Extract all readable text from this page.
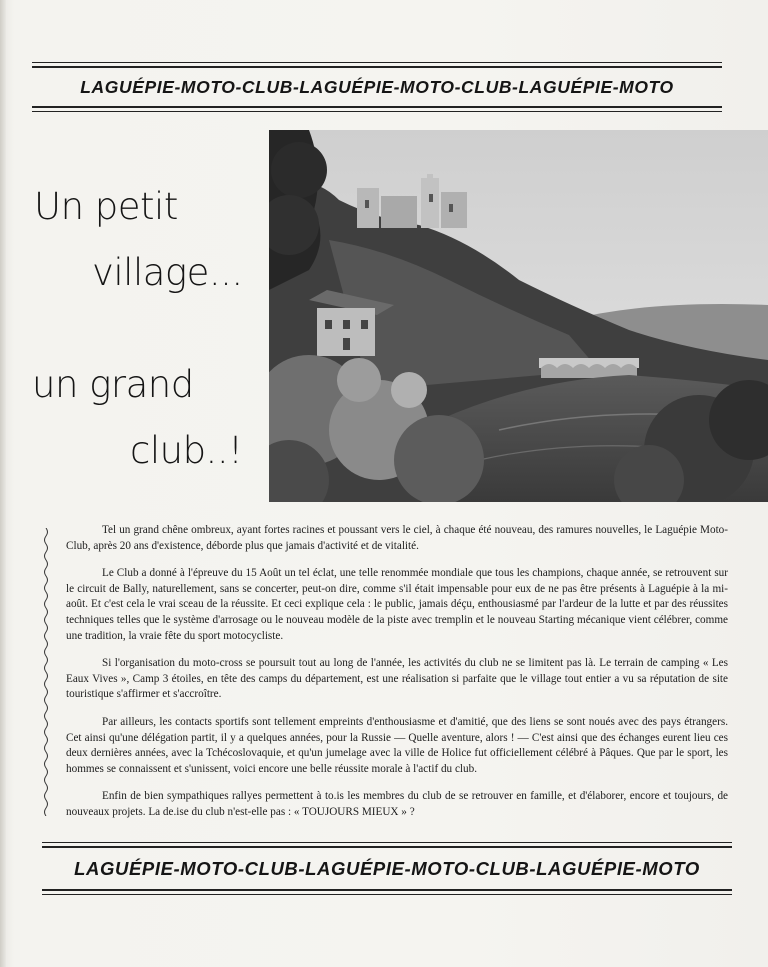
LAGUÉPIE-MOTO-CLUB-LAGUÉPIE-MOTO-CLUB-LAGUÉPIE-MOTO
Un petit
village...
un grand
club..!

Tel un grand chêne ombreux, ayant fortes racines et poussant vers le ciel, à chaque été nouveau, des ramures nouvelles, le Laguépie Moto-Club, après 20 ans d'existence, déborde plus que jamais d'activité et de vitalité.

Le Club a donné à l'épreuve du 15 Août un tel éclat, une telle renommée mondiale que tous les champions, chaque année, se retrouvent sur le circuit de Bally, naturellement, sans se concerter, peut-on dire, comme s'il était impensable pour eux de ne pas être présents à Laguépie à la mi-août. Et c'est cela le vrai sceau de la réussite. Et ceci explique cela : le public, jamais déçu, enthousiasmé par l'ardeur de la lutte et par des réussites techniques telles que le système d'arrosage ou le nouveau modèle de la piste avec tremplin et le nouveau Starting mécanique vient célébrer, comme une tradition, la vraie fête du sport motocycliste.

Si l'organisation du moto-cross se poursuit tout au long de l'année, les activités du club ne se limitent pas là. Le terrain de camping « Les Eaux Vives », Camp 3 étoiles, en tête des camps du département, est une réalisation si parfaite que le village tout entier a vu sa réputation de site touristique s'affirmer et s'accroître.

Par ailleurs, les contacts sportifs sont tellement empreints d'enthousiasme et d'amitié, que des liens se sont noués avec des pays étrangers. Cet ainsi qu'une délégation partit, il y a quelques années, pour la Russie — Quelle aventure, alors ! — C'est ainsi que des échanges eurent lieu ces deux dernières années, avec la Tchécoslovaquie, et qu'un jumelage avec la ville de Holice fut officiellement célébré à Pâques. Que par le sport, les hommes se connaissent et s'unissent, voici encore une belle réussite morale à l'actif du club.

Enfin de bien sympathiques rallyes permettent à to.is les membres du club de se retrouver en famille, et d'élaborer, encore et toujours, de nouveaux projets. La de.ise du club n'est-elle pas : « TOUJOURS MIEUX » ?

LAGUÉPIE-MOTO-CLUB-LAGUÉPIE-MOTO-CLUB-LAGUÉPIE-MOTO
